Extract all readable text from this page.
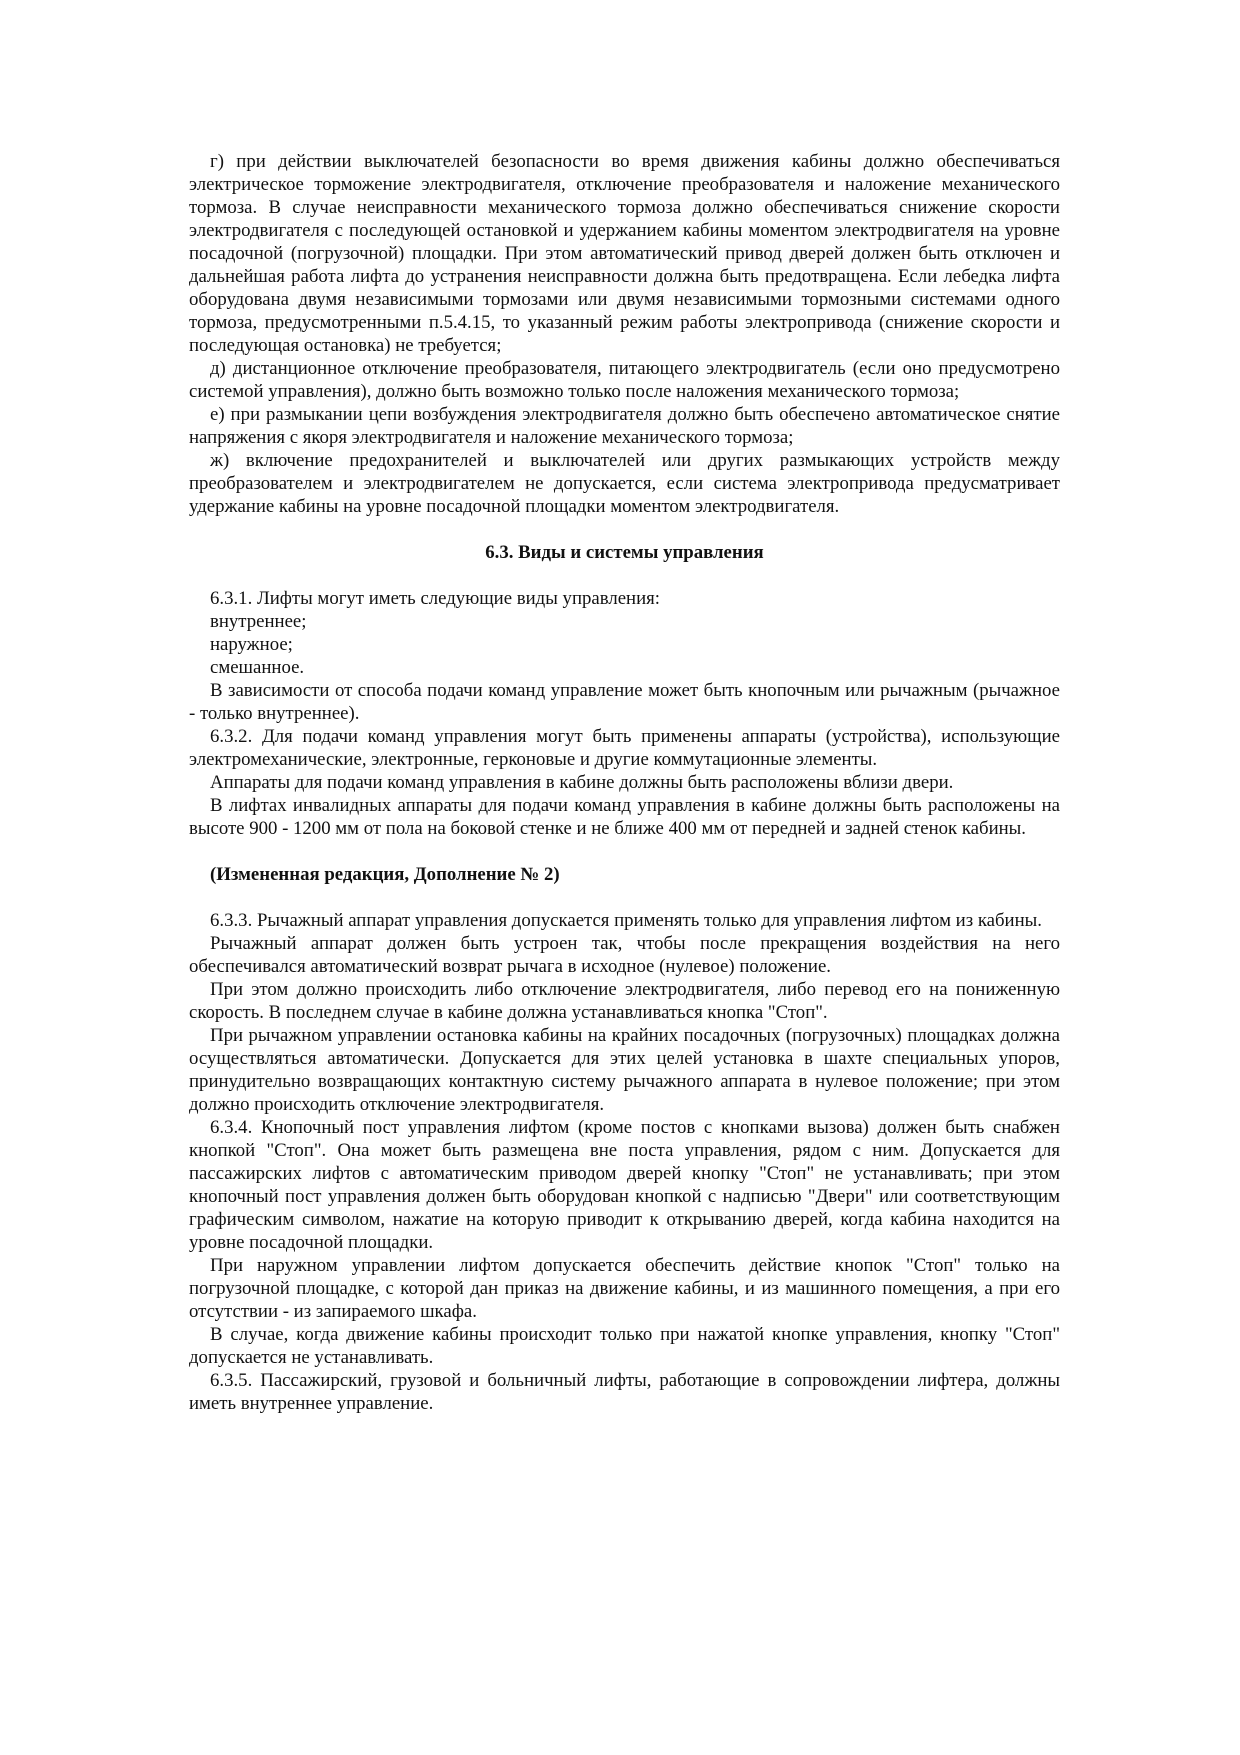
г) при действии выключателей безопасности во время движения кабины должно обеспечиваться электрическое торможение электродвигателя, отключение преобразователя и наложение механического тормоза. В случае неисправности механического тормоза должно обеспечиваться снижение скорости электродвигателя с последующей остановкой и удержанием кабины моментом электродвигателя на уровне посадочной (погрузочной) площадки. При этом автоматический привод дверей должен быть отключен и дальнейшая работа лифта до устранения неисправности должна быть предотвращена. Если лебедка лифта оборудована двумя независимыми тормозами или двумя независимыми тормозными системами одного тормоза, предусмотренными п.5.4.15, то указанный режим работы электропривода (снижение скорости и последующая остановка) не требуется;

д) дистанционное отключение преобразователя, питающего электродвигатель (если оно предусмотрено системой управления), должно быть возможно только после наложения механического тормоза;

е) при размыкании цепи возбуждения электродвигателя должно быть обеспечено автоматическое снятие напряжения с якоря электродвигателя и наложение механического тормоза;

ж) включение предохранителей и выключателей или других размыкающих устройств между преобразователем и электродвигателем не допускается, если система электропривода предусматривает удержание кабины на уровне посадочной площадки моментом электродвигателя.

6.3. Виды и системы управления

6.3.1. Лифты могут иметь следующие виды управления:

внутреннее;

наружное;

смешанное.

В зависимости от способа подачи команд управление может быть кнопочным или рычажным (рычажное - только внутреннее).

6.3.2. Для подачи команд управления могут быть применены аппараты (устройства), использующие электромеханические, электронные, герконовые и другие коммутационные элементы.

Аппараты для подачи команд управления в кабине должны быть расположены вблизи двери.

В лифтах инвалидных аппараты для подачи команд управления в кабине должны быть расположены на высоте 900 - 1200 мм от пола на боковой стенке и не ближе 400 мм от передней и задней стенок кабины.

(Измененная редакция, Дополнение № 2)

6.3.3. Рычажный аппарат управления допускается применять только для управления лифтом из кабины.

Рычажный аппарат должен быть устроен так, чтобы после прекращения воздействия на него обеспечивался автоматический возврат рычага в исходное (нулевое) положение.

При этом должно происходить либо отключение электродвигателя, либо перевод его на пониженную скорость. В последнем случае в кабине должна устанавливаться кнопка "Стоп".

При рычажном управлении остановка кабины на крайних посадочных (погрузочных) площадках должна осуществляться автоматически. Допускается для этих целей установка в шахте специальных упоров, принудительно возвращающих контактную систему рычажного аппарата в нулевое положение; при этом должно происходить отключение электродвигателя.

6.3.4. Кнопочный пост управления лифтом (кроме постов с кнопками вызова) должен быть снабжен кнопкой "Стоп". Она может быть размещена вне поста управления, рядом с ним. Допускается для пассажирских лифтов с автоматическим приводом дверей кнопку "Стоп" не устанавливать; при этом кнопочный пост управления должен быть оборудован кнопкой с надписью "Двери" или соответствующим графическим символом, нажатие на которую приводит к открыванию дверей, когда кабина находится на уровне посадочной площадки.

При наружном управлении лифтом допускается обеспечить действие кнопок "Стоп" только на погрузочной площадке, с которой дан приказ на движение кабины, и из машинного помещения, а при его отсутствии - из запираемого шкафа.

В случае, когда движение кабины происходит только при нажатой кнопке управления, кнопку "Стоп" допускается не устанавливать.

6.3.5. Пассажирский, грузовой и больничный лифты, работающие в сопровождении лифтера, должны иметь внутреннее управление.
